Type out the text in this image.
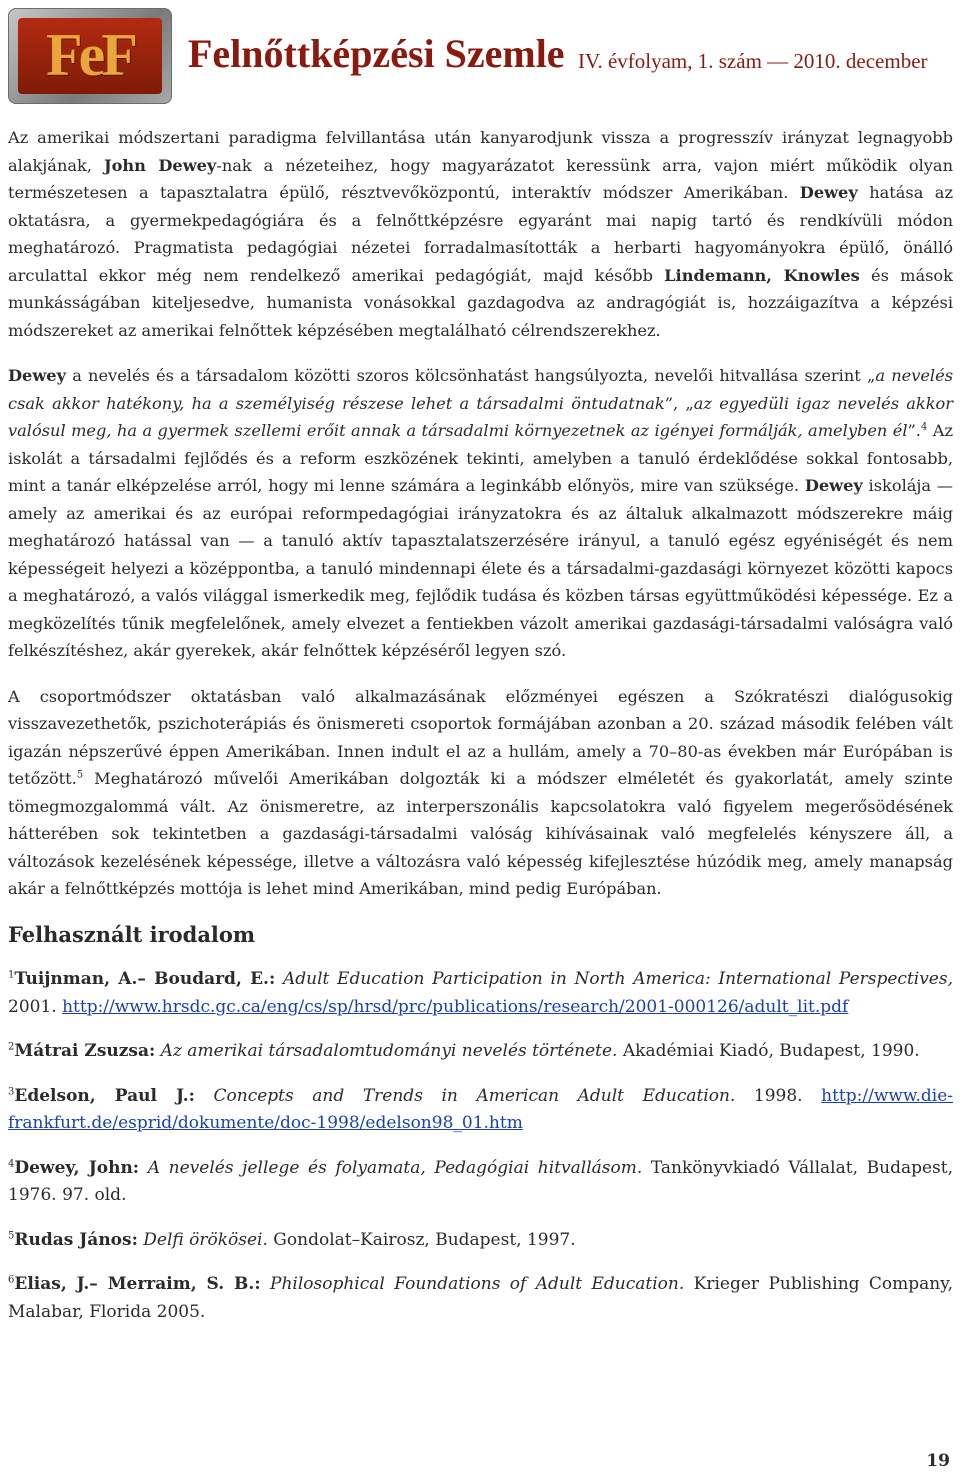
FeF	Felnőttképzési Szemle IV. évfolyam, 1. szám — 2010. december

Az amerikai módszertani paradigma felvillantása után kanyarodjunk vissza a progresszív irányzat legnagyobb alakjának, John Dewey-nak a nézeteihez, hogy magyarázatot keressünk arra, vajon miért működik olyan természetesen a tapasztalatra épülő, résztvevőközpontú, interaktív módszer Amerikában. Dewey hatása az oktatásra, a gyermekpedagógiára és a felnőttképzésre egyaránt mai napig tartó és rendkívüli módon meghatározó. Pragmatista pedagógiai nézetei forradalmasították a herbarti hagyományokra épülő, önálló arculattal ekkor még nem rendelkező amerikai pedagógiát, majd később Lindemann, Knowles és mások munkásságában kiteljesedve, humanista vonásokkal gazdagodva az andragógiát is, hozzáigazítva a képzési módszereket az amerikai felnőttek képzésében megtalálható célrendszerekhez.

Dewey a nevelés és a társadalom közötti szoros kölcsönhatást hangsúlyozta, nevelői hitvallása szerint „a nevelés csak akkor hatékony, ha a személyiség részese lehet a társadalmi öntudatnak”, „az egyedüli igaz nevelés akkor valósul meg, ha a gyermek szellemi erőit annak a társadalmi környezetnek az igényei formálják, amelyben él”.$^4$ Az iskolát a társadalmi fejlődés és a reform eszközének tekinti, amelyben a tanuló érdeklődése sokkal fontosabb, mint a tanár elképzelése arról, hogy mi lenne számára a leginkább előnyös, mire van szüksége. Dewey iskolája — amely az amerikai és az európai reformpedagógiai irányzatokra és az általuk alkalmazott módszerekre máig meghatározó hatással van — a tanuló aktív tapasztalatszerzésére irányul, a tanuló egész egyéniségét és nem képességeit helyezi a középpontba, a tanuló mindennapi élete és a társadalmi-gazdasági környezet közötti kapocs a meghatározó, a valós világgal ismerkedik meg, fejlődik tudása és közben társas együttműködési képessége. Ez a megközelítés tűnik megfelelőnek, amely elvezet a fentiekben vázolt amerikai gazdasági-társadalmi valóságra való felkészítéshez, akár gyerekek, akár felnőttek képzéséről legyen szó.

A csoportmódszer oktatásban való alkalmazásának előzményei egészen a Szókratészi dialógusokig visszavezethetők, pszichoterápiás és önismereti csoportok formájában azonban a 20. század második felében vált igazán népszerűvé éppen Amerikában. Innen indult el az a hullám, amely a 70–80-as években már Európában is tetőzött.$^5$ Meghatározó művelői Amerikában dolgozták ki a módszer elméletét és gyakorlatát, amely szinte tömegmozgalommá vált. Az önismeretre, az interperszonális kapcsolatokra való figyelem megerősödésének hátterében sok tekintetben a gazdasági-társadalmi valóság kihívásainak való megfelelés kényszere áll, a változások kezelésének képessége, illetve a változásra való képesség kifejlesztése húzódik meg, amely manapság akár a felnőttképzés mottója is lehet mind Amerikában, mind pedig Európában.

Felhasznált irodalom

$^1$Tuijnman, A.– Boudard, E.: Adult Education Participation in North America: International Perspectives, 2001. http://www.hrsdc.gc.ca/eng/cs/sp/hrsd/prc/publications/research/2001-000126/adult_lit.pdf

$^2$Mátrai Zsuzsa: Az amerikai társadalomtudományi nevelés története. Akadémiai Kiadó, Budapest, 1990.

$^3$Edelson, Paul J.: Concepts and Trends in American Adult Education. 1998. http://www.die-frankfurt.de/esprid/dokumente/doc-1998/edelson98_01.htm

$^4$Dewey, John: A nevelés jellege és folyamata, Pedagógiai hitvallásom. Tankönyvkiadó Vállalat, Budapest, 1976. 97. old.

$^5$Rudas János: Delfi örökösei. Gondolat–Kairosz, Budapest, 1997.

$^6$Elias, J.– Merraim, S. B.: Philosophical Foundations of Adult Education. Krieger Publishing Company, Malabar, Florida 2005.

19
